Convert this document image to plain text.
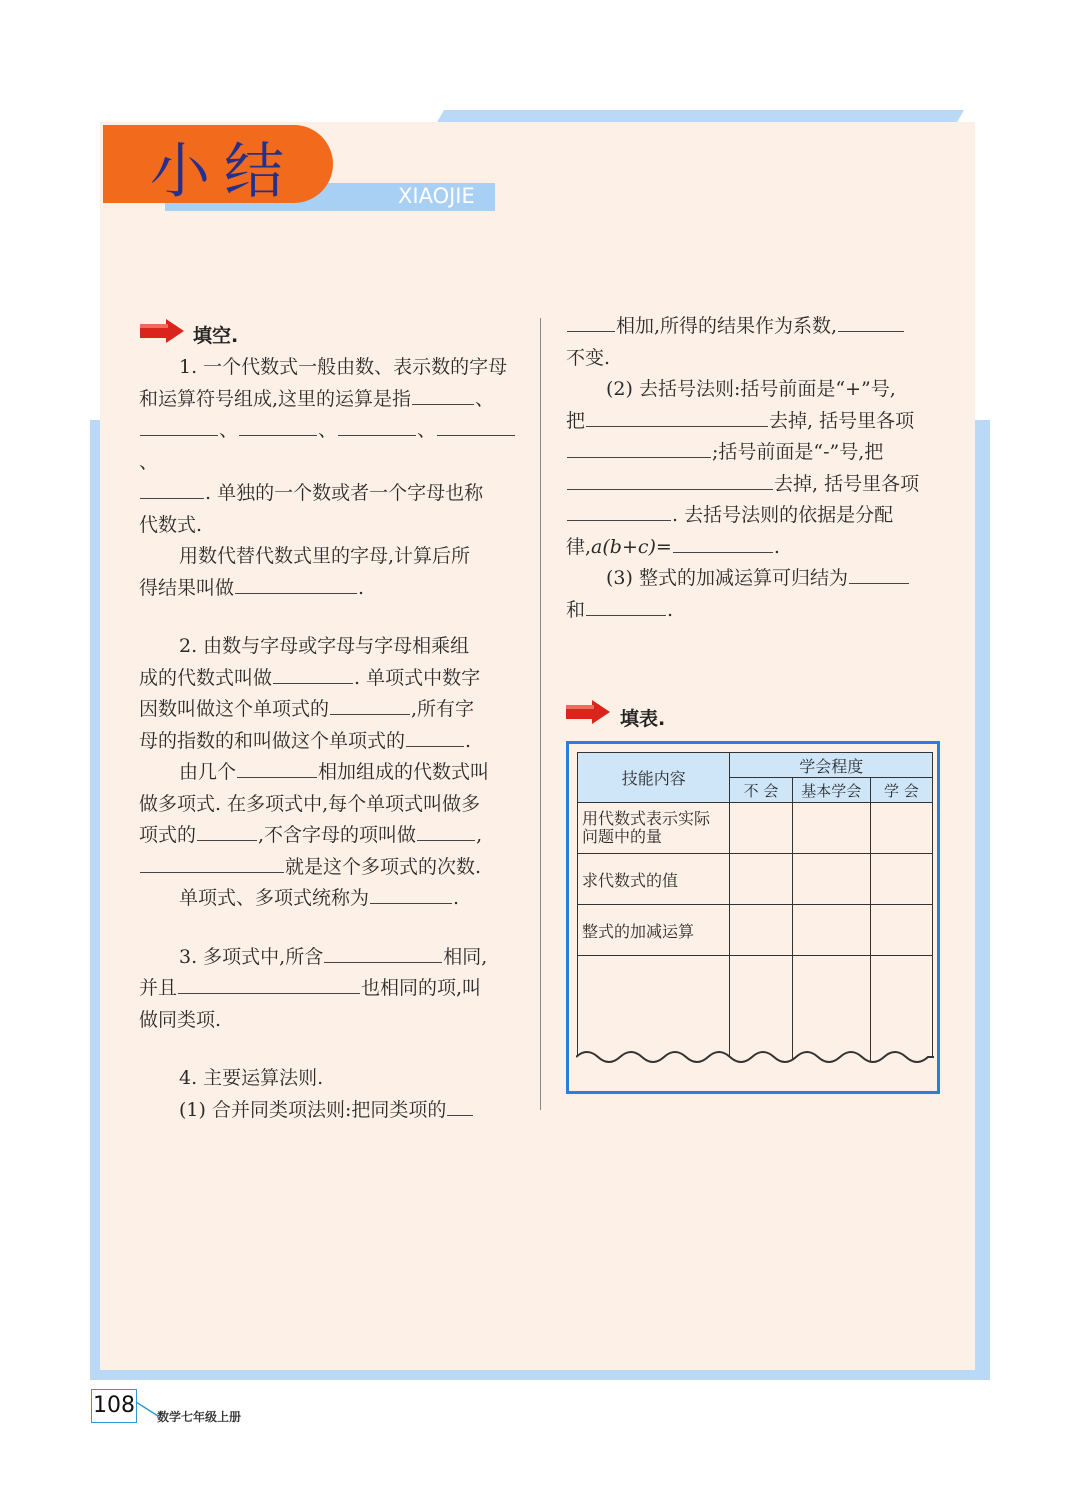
小结	XIAOJIE
填空.

1. 一个代数式一般由数、表示数的字母

和运算符号组成,这里的运算是指	、

、	、	、、

. 单独的一个数或者一个字母也称

代数式.

用数代替代数式里的字母,计算后所

得结果叫做	.

2. 由数与字母或字母与字母相乘组

成的代数式叫做	. 单项式中数字

因数叫做这个单项式的	,所有字

母的指数的和叫做这个单项式的	.

由几个	相加组成的代数式叫

做多项式. 在多项式中,每个单项式叫做多

项式的	,不含字母的项叫做	,

就是这个多项式的次数.

单项式、多项式统称为	.

3. 多项式中,所含	相同,

并且	也相同的项,叫

做同类项.

4. 主要运算法则.

(1) 合并同类项法则:把同类项的

相加,所得的结果作为系数,

不变.

(2) 去括号法则:括号前面是“+”号,

把	去掉, 括号里各项

;括号前面是“-”号,把

去掉, 括号里各项

. 去括号法则的依据是分配

律,a(b+c)=	.

(3) 整式的加减运算可归结为

和	.

填表.
技能内容	学会程度		
	不 会	基本学会	学 会
用代数式表示实际问题中的量			
求代数式的值			
整式的加减运算			

108 数学七年级上册
